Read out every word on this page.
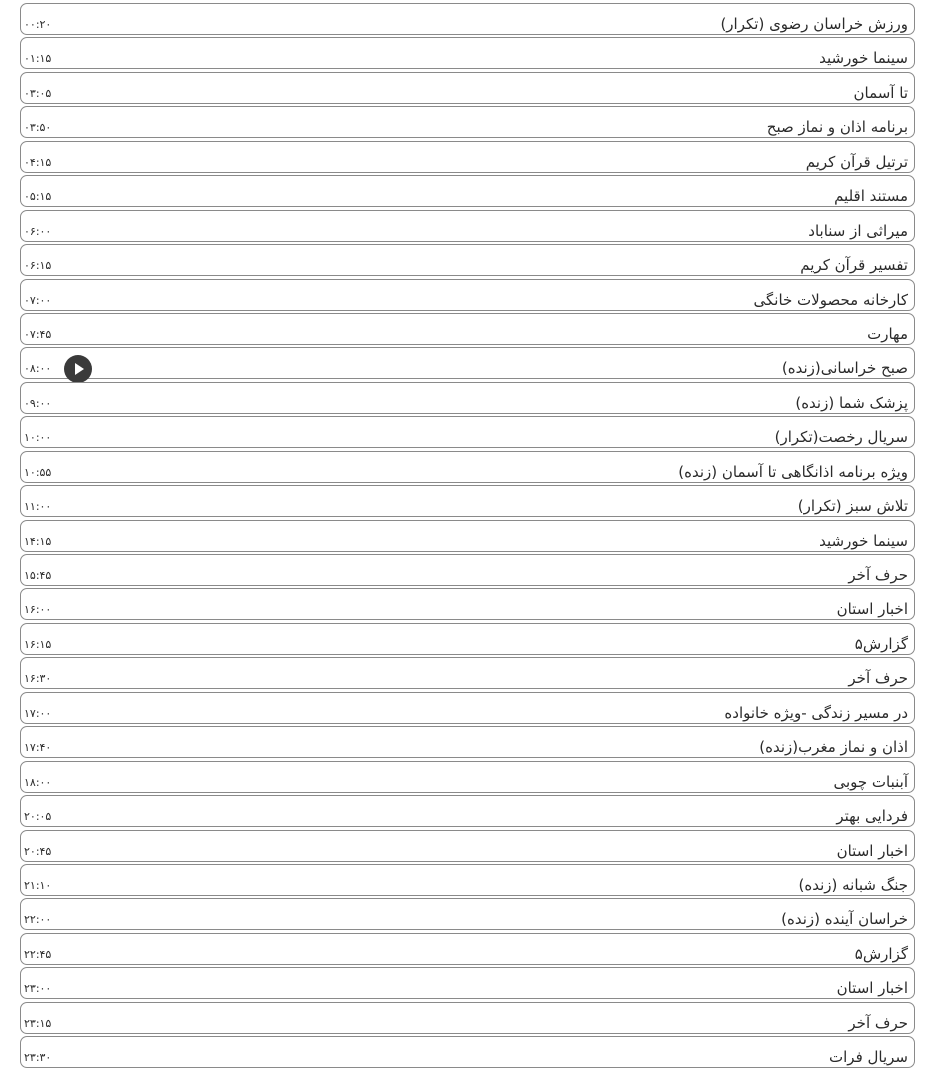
ورزش خراسان رضوی (تکرار)
۰۰:۲۰
سینما خورشید
۰۱:۱۵
تا آسمان
۰۳:۰۵
برنامه اذان و نماز صبح
۰۳:۵۰
ترتیل قرآن کریم
۰۴:۱۵
مستند اقلیم
۰۵:۱۵
میراثی از سناباد
۰۶:۰۰
تفسیر قرآن کریم
۰۶:۱۵
کارخانه محصولات خانگی
۰۷:۰۰
مهارت
۰۷:۴۵
صبح خراسانی(زنده)
۰۸:۰۰
پزشک شما (زنده)
۰۹:۰۰
سریال رخصت(تکرار)
۱۰:۰۰
ویژه برنامه اذانگاهی تا آسمان (زنده)
۱۰:۵۵
تلاش سبز (تکرار)
۱۱:۰۰
سینما خورشید
۱۴:۱۵
حرف آخر
۱۵:۴۵
اخبار استان
۱۶:۰۰
گزارش۵
۱۶:۱۵
حرف آخر
۱۶:۳۰
در مسیر زندگی -ویژه خانواده
۱۷:۰۰
اذان و نماز مغرب(زنده)
۱۷:۴۰
آبنبات چوبی
۱۸:۰۰
فردایی بهتر
۲۰:۰۵
اخبار استان
۲۰:۴۵
جنگ شبانه (زنده)
۲۱:۱۰
خراسان آینده (زنده)
۲۲:۰۰
گزارش۵
۲۲:۴۵
اخبار استان
۲۳:۰۰
حرف آخر
۲۳:۱۵
سریال فرات
۲۳:۳۰
